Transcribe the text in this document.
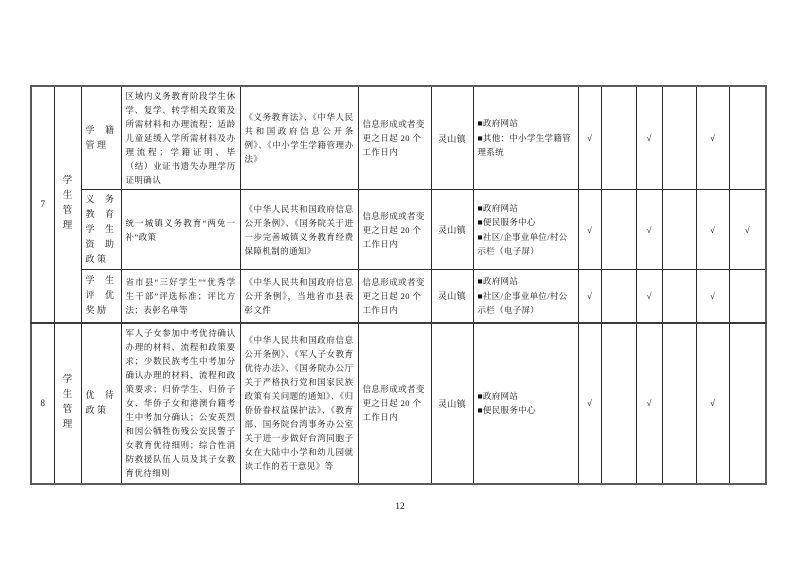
7	学生管理	学籍管理	区域内义务教育阶段学生休学、复学、转学相关政策及所需材料和办理流程；适龄儿童延缓入学所需材料及办理流程；学籍证明、毕（结）业证书遗失办理学历证明确认	《义务教育法》、《中华人民共和国政府信息公开条例》、《中小学生学籍管理办法》	信息形成或者变更之日起 20 个工作日内	灵山镇	■政府网站
■其他：中小学生学籍管理系统	√		√		√	
		义务教育学生资助政策	统一城镇义务教育“两免一补”政策	《中华人民共和国政府信息公开条例》、《国务院关于进一步完善城镇义务教育经费保障机制的通知》	信息形成或者变更之日起 20 个工作日内	灵山镇	■政府网站
■便民服务中心
■社区/企事业单位/村公示栏（电子屏）	√		√		√	√
		学生评优奖励	省市县“三好学生”“优秀学生干部”评选标准；评比方法；表彰名单等	《中华人民共和国政府信息公开条例》，当地省市县表彰文件	信息形成或者变更之日起 20 个工作日内	灵山镇	■政府网站
■社区/企事业单位/村公示栏（电子屏）	√		√		√	
8	学生管理	优待政策	军人子女参加中考优待确认办理的材料、流程和政策要求；少数民族考生中考加分确认办理的材料、流程和政策要求；归侨学生、归侨子女、华侨子女和港澳台籍考生中考加分确认；公安英烈和因公牺牲伤残公安民警子女教育优待细则；综合性消防救援队伍人员及其子女教育优待细则	《中华人民共和国政府信息公开条例》、《军人子女教育优待办法》、《国务院办公厅关于严格执行党和国家民族政策有关问题的通知》、《归侨侨眷权益保护法》、《教育部、国务院台湾事务办公室关于进一步做好台湾同胞子女在大陆中小学和幼儿园就读工作的若干意见》等	信息形成或者变更之日起 20 个工作日内	灵山镇	■政府网站
■便民服务中心	√		√		√	
12
